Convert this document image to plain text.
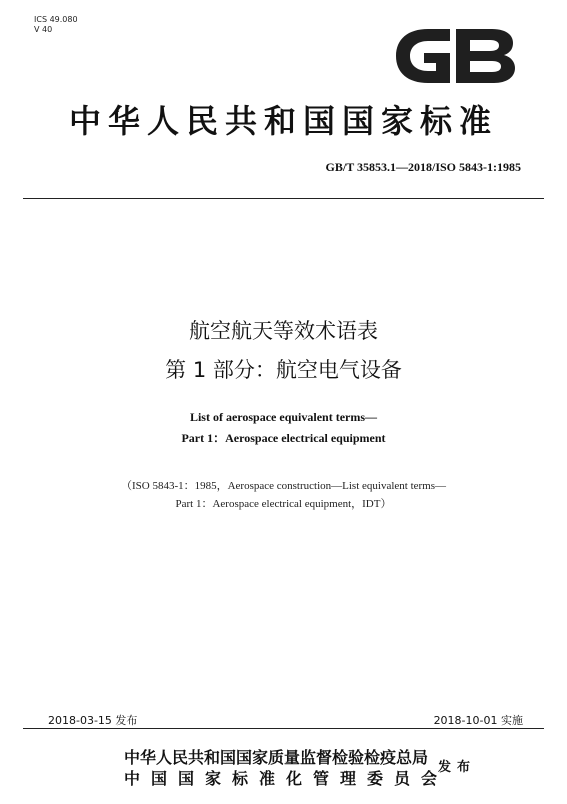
ICS 49.080
V 40
中华人民共和国国家标准
GB/T 35853.1—2018/ISO 5843-1:1985
航空航天等效术语表
第 1 部分：航空电气设备
List of aerospace equivalent terms—
Part 1：Aerospace electrical equipment
（ISO 5843-1：1985，Aerospace construction—List equivalent terms—
Part 1：Aerospace electrical equipment，IDT）
2018-03-15 发布	2018-10-01 实施
中华人民共和国国家质量监督检验检疫总局
中国国家标准化管理委员会
发布
